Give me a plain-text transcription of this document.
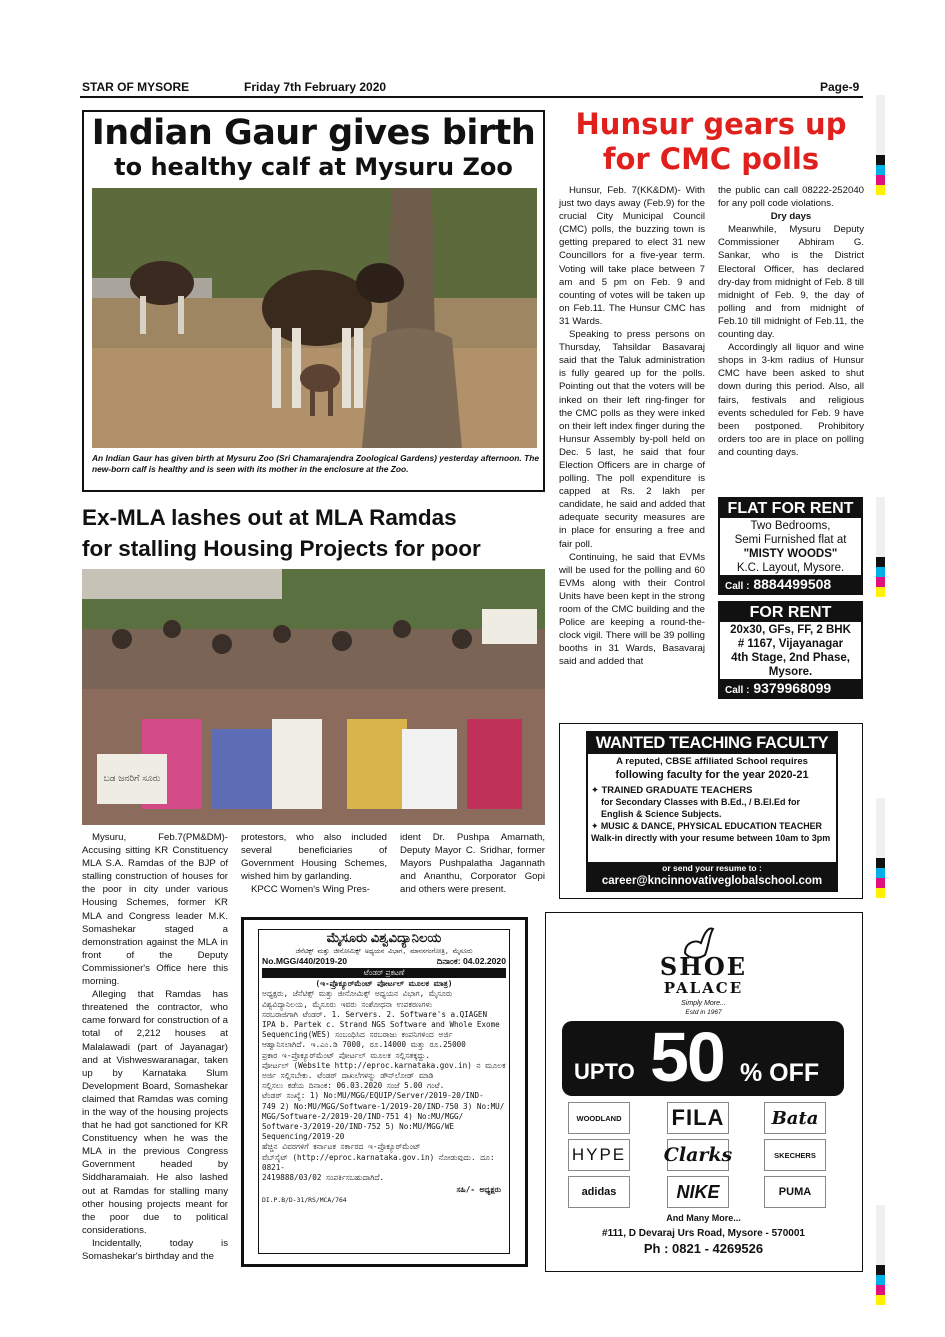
STAR OF MYSORE	Friday 7th February 2020	Page-9
Indian Gaur gives birth
to healthy calf at Mysuru Zoo
An Indian Gaur has given birth at Mysuru Zoo (Sri Chamarajendra Zoological Gardens) yesterday afternoon. The new-born calf is healthy and is seen with its mother in the enclosure at the Zoo.
Hunsur gears up
for CMC polls

Hunsur, Feb. 7(KK&DM)- With just two days away (Feb.9) for the crucial City Municipal Council (CMC) polls, the buzzing town is getting prepared to elect 31 new Councillors for a five-year term. Voting will take place between 7 am and 5 pm on Feb. 9 and counting of votes will be taken up on Feb.11. The Hunsur CMC has 31 Wards.

Speaking to press persons on Thursday, Tahsildar Basavaraj said that the Taluk administration is fully geared up for the polls. Pointing out that the voters will be inked on their left ring-finger for the CMC polls as they were inked on their left index finger during the Hunsur Assembly by-poll held on Dec. 5 last, he said that four Election Officers are in charge of polling. The poll expenditure is capped at Rs. 2 lakh per candidate, he said and added that adequate security measures are in place for ensuring a free and fair poll.

Continuing, he said that EVMs will be used for the polling and 60 EVMs along with their Control Units have been kept in the strong room of the CMC building and the Police are keeping a round-the-clock vigil. There will be 39 polling booths in 31 Wards, Basavaraj said and added that

the public can call 08222-252040 for any poll code violations.

Dry days

Meanwhile, Mysuru Deputy Commissioner Abhiram G. Sankar, who is the District Electoral Officer, has declared dry-day from midnight of Feb. 8 till midnight of Feb. 9, the day of polling and from midnight of Feb.10 till midnight of Feb.11, the counting day.

Accordingly all liquor and wine shops in 3-km radius of Hunsur CMC have been asked to shut down during this period. Also, all fairs, festivals and religious events scheduled for Feb. 9 have been postponed. Prohibitory orders too are in place on polling and counting days.

FLAT FOR RENT
Two Bedrooms,
Semi Furnished flat at
"MISTY WOODS"
K.C. Layout, Mysore.
Call : 8884499508
FOR RENT
20x30, GFs, FF, 2 BHK
# 1167, Vijayanagar
4th Stage, 2nd Phase,
Mysore.
Call : 9379968099
Ex-MLA lashes out at MLA Ramdas
for stalling Housing Projects for poor
ಬಡ ಜನರಿಗೆ ಸೂರು

Mysuru, Feb.7(PM&DM)- Accusing sitting KR Constituency MLA S.A. Ramdas of the BJP of stalling construction of houses for the poor in city under various Housing Schemes, former KR MLA and Congress leader M.K. Somashekar staged a demonstration against the MLA in front of the Deputy Commissioner's Office here this morning.

Alleging that Ramdas has threatened the contractor, who came forward for construction of a total of 2,212 houses at Malalawadi (part of Jayanagar) and at Vishweswaranagar, taken up by Karnataka Slum Development Board, Somashekar claimed that Ramdas was coming in the way of the housing projects that he had got sanctioned for KR Constituency when he was the MLA in the previous Congress Government headed by Siddharamaiah. He also lashed out at Ramdas for stalling many other housing projects meant for the poor due to political considerations.

Incidentally, today is Somashekar's birthday and the

protestors, who also included several beneficiaries of Government Housing Schemes, wished him by garlanding.

KPCC Women's Wing Pres-

ident Dr. Pushpa Amarnath, Deputy Mayor C. Sridhar, former Mayors Pushpalatha Jagannath and Ananthu, Corporator Gopi and others were present.

ಮೈಸೂರು ವಿಶ್ವವಿದ್ಯಾನಿಲಯ
ಜೆನೆಟಿಕ್ಸ್ ಮತ್ತು ಜೀನೋಮಿಕ್ಸ್ ಅಧ್ಯಯನ ವಿಭಾಗ, ಮಾನಸಗಂಗೋತ್ರಿ, ಮೈಸೂರು
No.MGG/440/2019-20	ದಿನಾಂಕ: 04.02.2020
ಟೆಂಡರ್ ಪ್ರಕಟಣೆ
(ಇ-ಪ್ರೊಕ್ಯೂರ್‌ಮೆಂಟ್ ಪೋರ್ಟಲ್ ಮೂಲಕ ಮಾತ್ರ)
ಅಧ್ಯಕ್ಷರು, ಜೆನೆಟಿಕ್ಸ್ ಮತ್ತು ಜೀನೋಮಿಕ್ಸ್ ಅಧ್ಯಯನ ವಿಭಾಗ, ಮೈಸೂರು
ವಿಶ್ವವಿದ್ಯಾನಿಲಯ, ಮೈಸೂರು ಇವರು ಸಂಶೋಧನಾ ಉಪಕರಣಗಳು
ಸರಬರಾಜಿಗಾಗಿ ಟೆಂಡರ್. 1. Servers. 2. Software's a.QIAGEN
IPA b. Partek c. Strand NGS Software and Whole Exome
Sequencing(WES) ಸಂಬಂಧಿಸಿದ ಸರಬರಾಜು ಕಂಪನಿಗಳಿಂದ ಅರ್ಜಿ
ಆಹ್ವಾನಿಸಲಾಗಿದೆ. ಇ.ಎಂ.ಡಿ 7000, ರೂ.14000 ಮತ್ತು ರೂ.25000
ಪ್ರಕಾರ ಇ-ಪ್ರೊಕ್ಯೂರ್‌ಮೆಂಟ್ ಪೋರ್ಟಲ್ ಮೂಲಕ ಸಲ್ಲಿಸತಕ್ಕದ್ದು.
ಪೋರ್ಟಲ್ (Website http://eproc.karnataka.gov.in) ನ ಮೂಲಕ
ಅರ್ಜಿ ಸಲ್ಲಿಸಬೇಕು. ಟೆಂಡರ್ ದಾಖಲೆಗಳನ್ನು ಡೌನ್‌ಲೋಡ್ ಮಾಡಿ
ಸಲ್ಲಿಸಲು ಕಡೆಯ ದಿನಾಂಕ: 06.03.2020 ಸಂಜೆ 5.00 ಗಂಟೆ.
ಟೆಂಡರ್ ಸಂಖ್ಯೆ: 1) No:MU/MGG/EQUIP/Server/2019-20/IND-
749 2) No:MU/MGG/Software-1/2019-20/IND-750 3) No:MU/
MGG/Software-2/2019-20/IND-751 4) No:MU/MGG/
Software-3/2019-20/IND-752 5) No:MU/MGG/WE
Sequencing/2019-20
ಹೆಚ್ಚಿನ ವಿವರಗಳಿಗೆ ಕರ್ನಾಟಕ ಸರ್ಕಾರದ ಇ-ಪ್ರೊಕ್ಯೂರ್‌ಮೆಂಟ್
ವೆಬ್‌ಸೈಟ್ (http://eproc.karnataka.gov.in) ನೋಡುವುದು. ದೂ: 0821-
2419888/03/02 ಸಂಪರ್ಕಿಸಬಹುದಾಗಿದೆ.
ಸಹಿ/- ಅಧ್ಯಕ್ಷರು
DI.P.B/D-31/RS/MCA/764
WANTED TEACHING FACULTY
A reputed, CBSE affiliated School requires
following faculty for the year 2020-21
✦ TRAINED GRADUATE TEACHERS
for Secondary Classes with B.Ed., / B.El.Ed for
English & Science Subjects.
✦ MUSIC & DANCE, PHYSICAL EDUCATION TEACHER
Walk-in directly with your resume between 10am to 3pm
or send your resume to :
career@kncinnovativeglobalschool.com
SHOE
PALACE
Simply More...
Estd in 1967
UPTO 50 % OFF
WOODLAND	FILA	Bata
HYPE Clarks	SKECHERS
adidas	NIKE	PUMA
And Many More...
#111, D Devaraj Urs Road, Mysore - 570001
Ph : 0821 - 4269526
